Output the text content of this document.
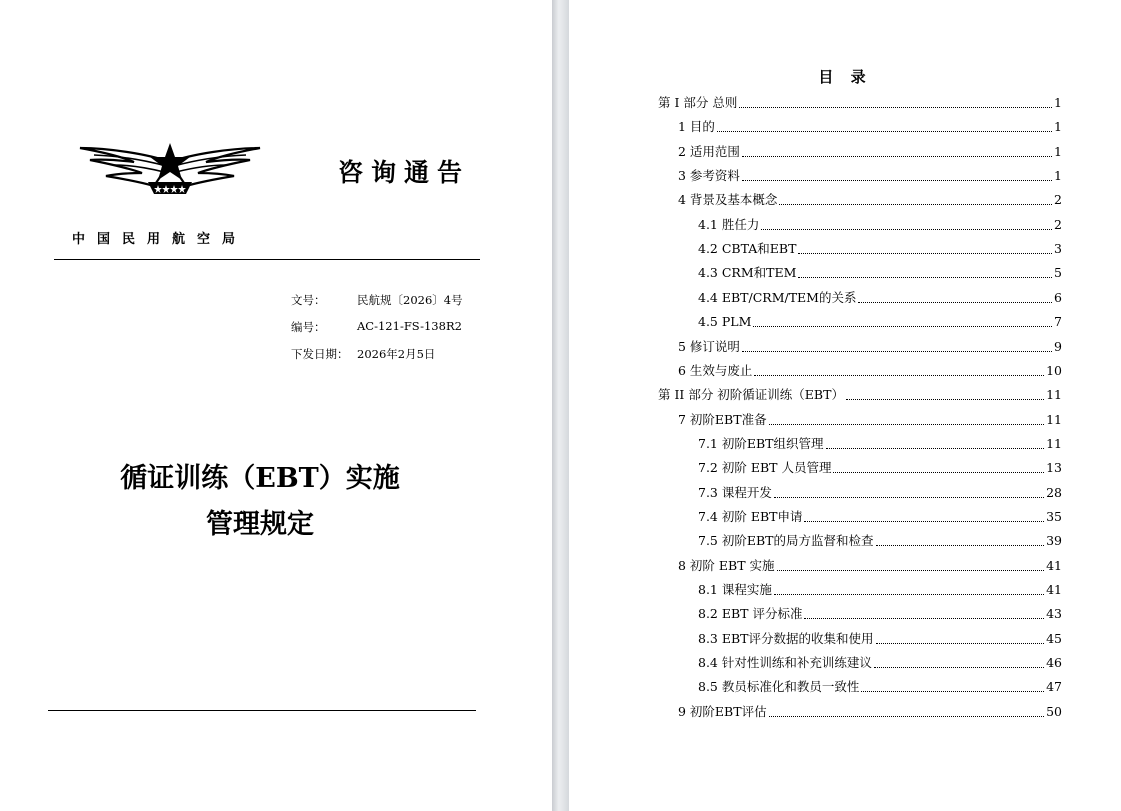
咨询通告
中国民用航空局
文号：	民航规〔2026〕4号
编号：	AC-121-FS-138R2
下发日期： 2026年2月5日
循证训练（EBT）实施
管理规定
目 录
第 I 部分 总则	1
1 目的	1
2 适用范围	1
3 参考资料	1
4 背景及基本概念	2
4.1 胜任力	2
4.2 CBTA和EBT	3
4.3 CRM和TEM	5
4.4 EBT/CRM/TEM的关系	6
4.5 PLM	7
5 修订说明	9
6 生效与废止	10
第 II 部分 初阶循证训练（EBT）	11
7 初阶EBT准备	11
7.1 初阶EBT组织管理	11
7.2 初阶 EBT 人员管理	13
7.3 课程开发	28
7.4 初阶 EBT申请	35
7.5 初阶EBT的局方监督和检查	39
8 初阶 EBT 实施	41
8.1 课程实施	41
8.2 EBT 评分标准	43
8.3 EBT评分数据的收集和使用	45
8.4 针对性训练和补充训练建议	46
8.5 教员标准化和教员一致性	47
9 初阶EBT评估	50
